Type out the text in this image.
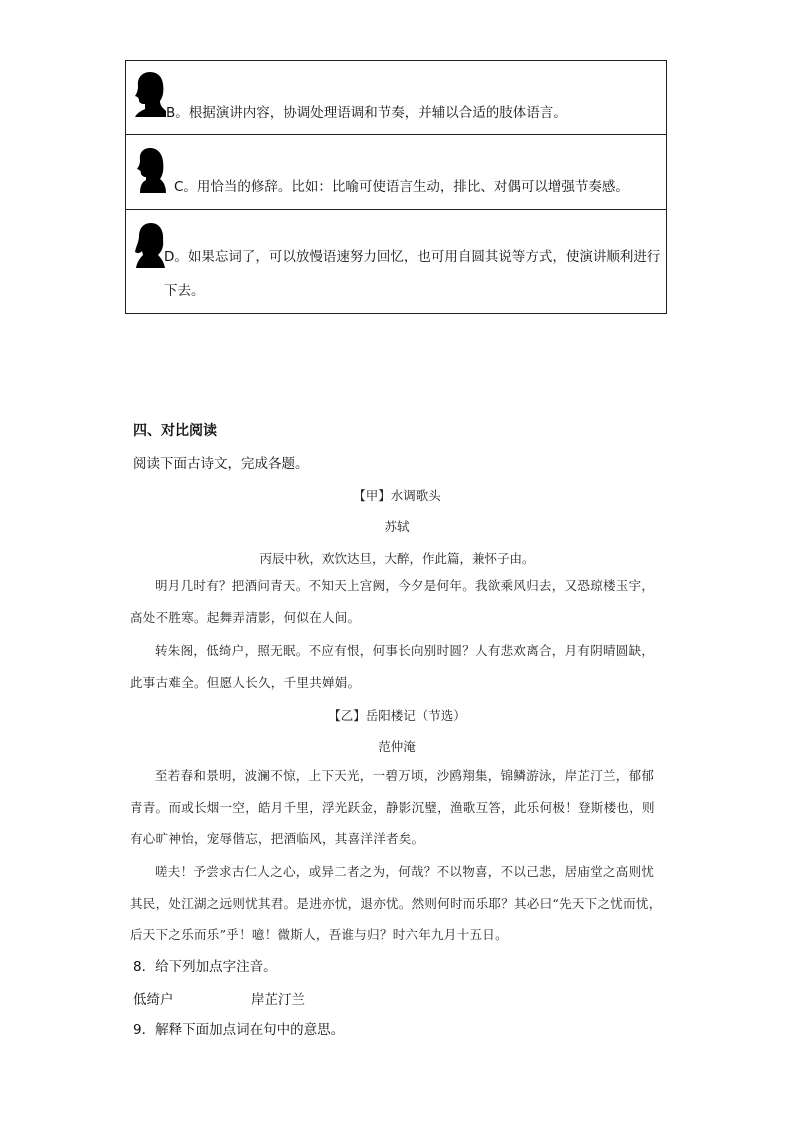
B。根据演讲内容，协调处理语调和节奏，并辅以合适的肢体语言。
C。用恰当的修辞。比如：比喻可使语言生动，排比、对偶可以增强节奏感。
D。如果忘词了，可以放慢语速努力回忆，也可用自圆其说等方式，使演讲顺利进行下去。
四、对比阅读
阅读下面古诗文，完成各题。
【甲】水调歌头
苏轼
丙辰中秋，欢饮达旦，大醉，作此篇，兼怀子由。
明月几时有？把酒问青天。不知天上宫阙，今夕是何年。我欲乘风归去，又恐琼楼玉宇，高处不胜寒。起舞弄清影，何似在人间。
转朱阁，低绮户，照无眠。不应有恨，何事长向别时圆？人有悲欢离合，月有阴晴圆缺，此事古难全。但愿人长久，千里共婵娟。
【乙】岳阳楼记（节选）
范仲淹
至若春和景明，波澜不惊，上下天光，一碧万顷，沙鸥翔集，锦鳞游泳，岸芷汀兰，郁郁青青。而或长烟一空，皓月千里，浮光跃金，静影沉璧，渔歌互答，此乐何极！登斯楼也，则有心旷神怡，宠辱偕忘，把酒临风，其喜洋洋者矣。
嗟夫！予尝求古仁人之心，或异二者之为，何哉？不以物喜，不以己悲，居庙堂之高则忧其民，处江湖之远则忧其君。是进亦忧，退亦忧。然则何时而乐耶？其必曰“先天下之忧而忧，后天下之乐而乐”乎！噫！微斯人，吾谁与归？时六年九月十五日。
8．给下列加点字注音。
低绮户	岸芷汀兰
9．解释下面加点词在句中的意思。
